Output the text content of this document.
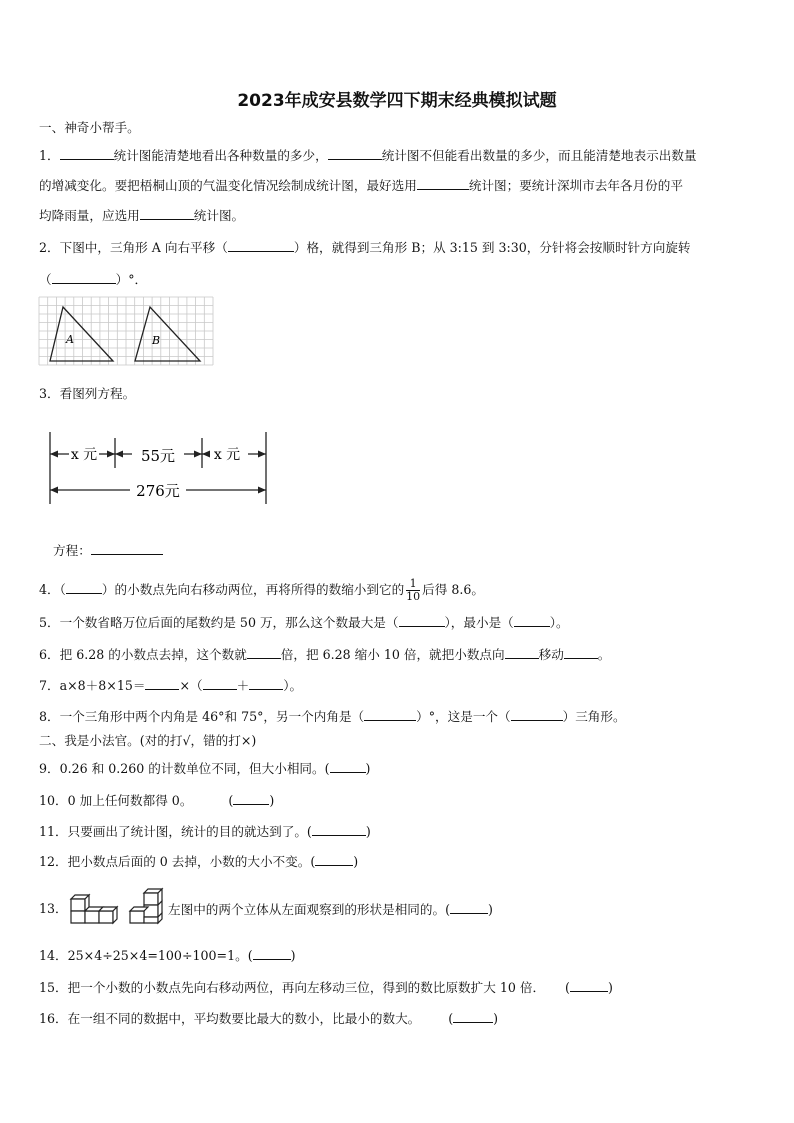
2023年成安县数学四下期末经典模拟试题
一、神奇小帮手。
1．	统计图能清楚地看出各种数量的多少，	统计图不但能看出数量的多少，而且能清楚地表示出数量
的增减变化。要把梧桐山顶的气温变化情况绘制成统计图，最好选用	统计图；要统计深圳市去年各月份的平
均降雨量，应选用	统计图。
2．下图中，三角形 A 向右平移（	）格，就得到三角形 B；从 3:15 到 3:30，分针将会按顺时针方向旋转
（	）°．
A	B
3．看图列方程。
x 元	55元	x 元
276元
方程：
4．（	）的小数点先向右移动两位，再将所得的数缩小到它的 $\frac{1}{10}$ 后得 8.6。
5．一个数省略万位后面的尾数约是 50 万，那么这个数最大是（	），最小是（	）。
6．把 6.28 的小数点去掉，这个数就	倍，把 6.28 缩小 10 倍，就把小数点向	移动	。
7．a×8＋8×15＝	×（	＋	）。
8．一个三角形中两个内角是 46°和 75°，另一个内角是（	）°，这是一个（	）三角形。
二、我是小法官。(对的打√，错的打×)
9．0.26 和 0.260 的计数单位不同，但大小相同。(	)
10．0 加上任何数都得 0。	(	)
11．只要画出了统计图，统计的目的就达到了。(	)
12．把小数点后面的 0 去掉，小数的大小不变。(	)
13．	左图中的两个立体从左面观察到的形状是相同的。(	)
14．25×4÷25×4=100÷100=1。(	)
15．把一个小数的小数点先向右移动两位，再向左移动三位，得到的数比原数扩大 10 倍． (	)
16．在一组不同的数据中，平均数要比最大的数小，比最小的数大。 (	)
